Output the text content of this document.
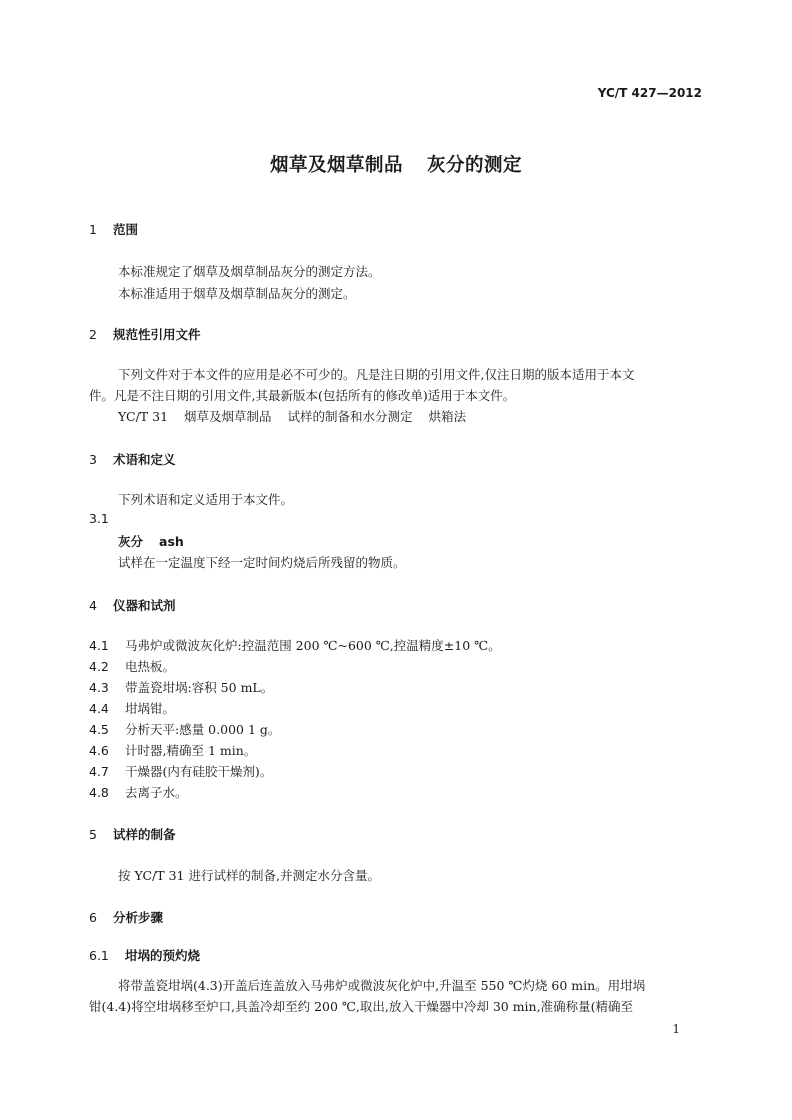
YC/T 427—2012
烟草及烟草制品 灰分的测定
1 范围
本标准规定了烟草及烟草制品灰分的测定方法。
本标准适用于烟草及烟草制品灰分的测定。
2 规范性引用文件
下列文件对于本文件的应用是必不可少的。凡是注日期的引用文件,仅注日期的版本适用于本文
件。凡是不注日期的引用文件,其最新版本(包括所有的修改单)适用于本文件。
YC/T 31 烟草及烟草制品 试样的制备和水分测定 烘箱法
3 术语和定义
下列术语和定义适用于本文件。
3.1
灰分 ash
试样在一定温度下经一定时间灼烧后所残留的物质。
4 仪器和试剂
4.1 马弗炉或微波灰化炉:控温范围 200 ℃~600 ℃,控温精度±10 ℃。
4.2 电热板。
4.3 带盖瓷坩埚:容积 50 mL。
4.4 坩埚钳。
4.5 分析天平:感量 0.000 1 g。
4.6 计时器,精确至 1 min。
4.7 干燥器(内有硅胶干燥剂)。
4.8 去离子水。
5 试样的制备
按 YC/T 31 进行试样的制备,并测定水分含量。
6 分析步骤
6.1 坩埚的预灼烧
将带盖瓷坩埚(4.3)开盖后连盖放入马弗炉或微波灰化炉中,升温至 550 ℃灼烧 60 min。用坩埚
钳(4.4)将空坩埚移至炉口,具盖冷却至约 200 ℃,取出,放入干燥器中冷却 30 min,准确称量(精确至
1
